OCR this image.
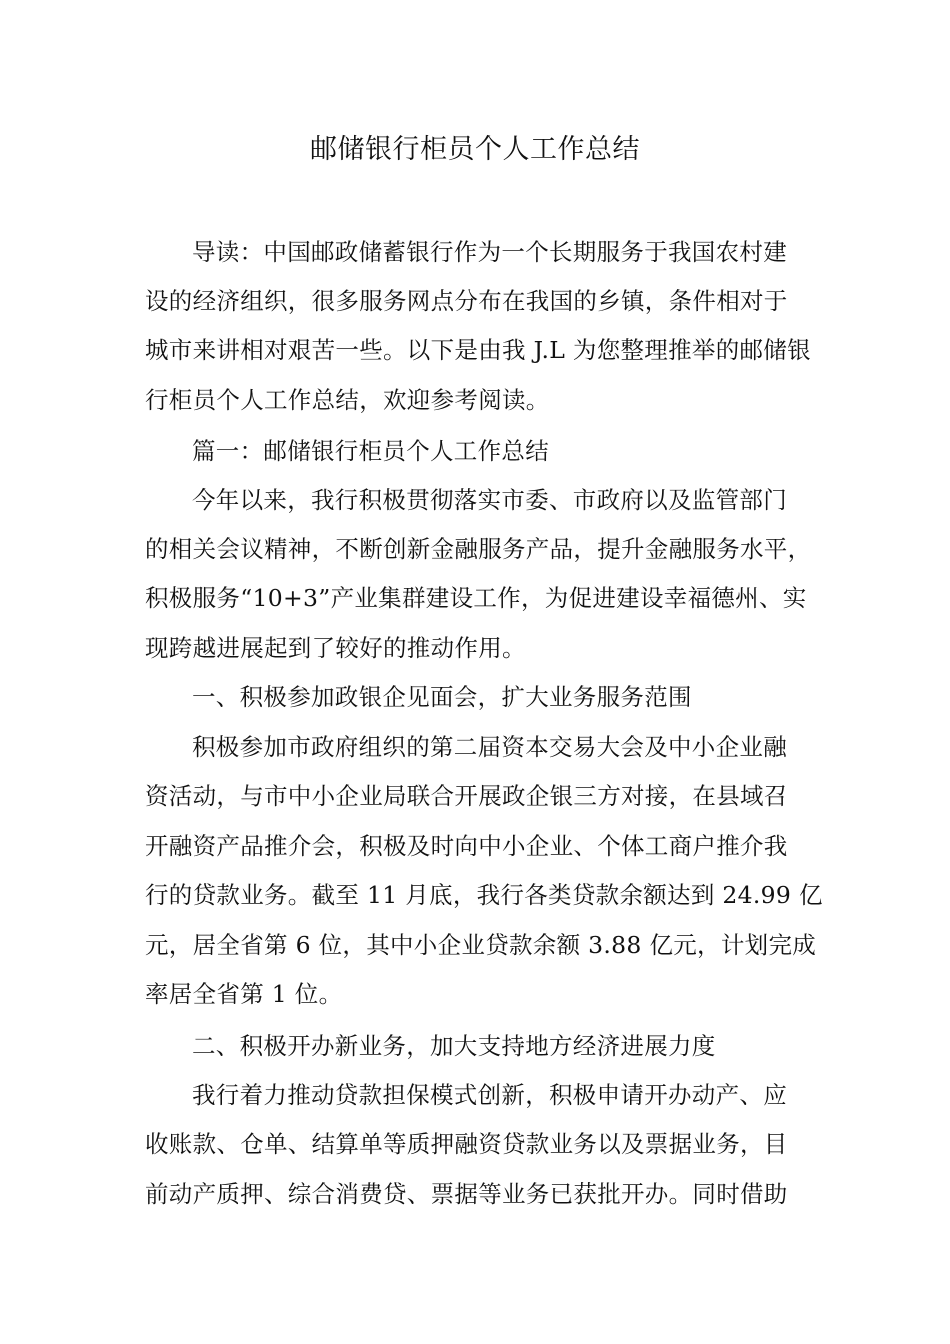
邮储银行柜员个人工作总结

导读：中国邮政储蓄银行作为一个长期服务于我国农村建

设的经济组织，很多服务网点分布在我国的乡镇，条件相对于

城市来讲相对艰苦一些。以下是由我 J.L 为您整理推举的邮储银

行柜员个人工作总结，欢迎参考阅读。

篇一：邮储银行柜员个人工作总结

今年以来，我行积极贯彻落实市委、市政府以及监管部门

的相关会议精神，不断创新金融服务产品，提升金融服务水平，

积极服务“10+3”产业集群建设工作，为促进建设幸福德州、实

现跨越进展起到了较好的推动作用。

一、积极参加政银企见面会，扩大业务服务范围

积极参加市政府组织的第二届资本交易大会及中小企业融

资活动，与市中小企业局联合开展政企银三方对接，在县域召

开融资产品推介会，积极及时向中小企业、个体工商户推介我

行的贷款业务。截至 11 月底，我行各类贷款余额达到 24.99 亿

元，居全省第 6 位，其中小企业贷款余额 3.88 亿元，计划完成

率居全省第 1 位。

二、积极开办新业务，加大支持地方经济进展力度

我行着力推动贷款担保模式创新，积极申请开办动产、应

收账款、仓单、结算单等质押融资贷款业务以及票据业务，目

前动产质押、综合消费贷、票据等业务已获批开办。同时借助
